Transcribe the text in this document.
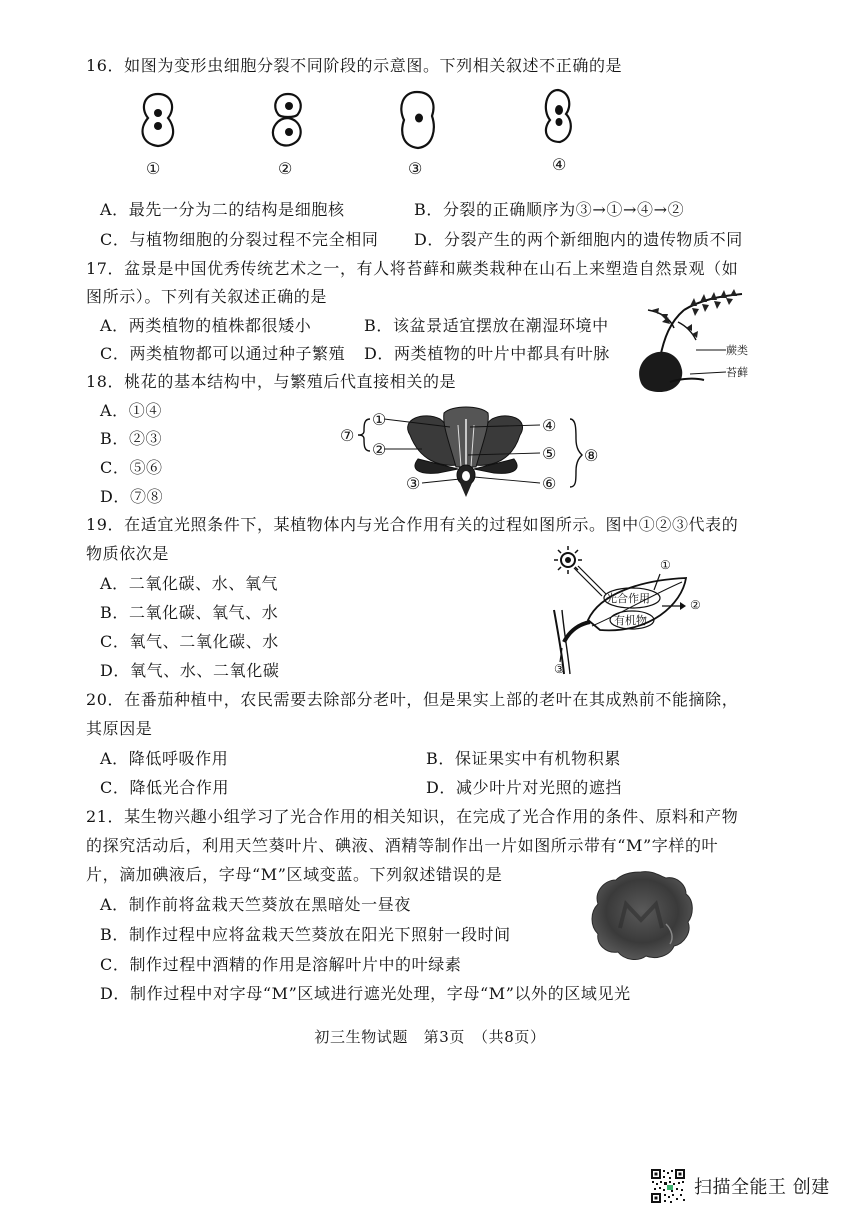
16．如图为变形虫细胞分裂不同阶段的示意图。下列相关叙述不正确的是
①	②	③	④
A．最先一分为二的结构是细胞核	B．分裂的正确顺序为③→①→④→②
C．与植物细胞的分裂过程不完全相同 D．分裂产生的两个新细胞内的遗传物质不同
17．盆景是中国优秀传统艺术之一，有人将苔藓和蕨类栽种在山石上来塑造自然景观（如
图所示）。下列有关叙述正确的是
A．两类植物的植株都很矮小	B．该盆景适宜摆放在潮湿环境中
C．两类植物都可以通过种子繁殖 D．两类植物的叶片中都具有叶脉	蕨类
苔藓
18．桃花的基本结构中，与繁殖后代直接相关的是
A．①④
B．②③
C．⑤⑥
D．⑦⑧
⑦
①
②
③
④
⑤
⑥
⑧
19．在适宜光照条件下，某植物体内与光合作用有关的过程如图所示。图中①②③代表的
物质依次是
A．二氧化碳、水、氧气
B．二氧化碳、氧气、水
C．氧气、二氧化碳、水
D．氧气、水、二氧化碳
光合作用
有机物
①
②
③
20．在番茄种植中，农民需要去除部分老叶，但是果实上部的老叶在其成熟前不能摘除，
其原因是
A．降低呼吸作用	B．保证果实中有机物积累
C．降低光合作用	D．减少叶片对光照的遮挡
21．某生物兴趣小组学习了光合作用的相关知识，在完成了光合作用的条件、原料和产物
的探究活动后，利用天竺葵叶片、碘液、酒精等制作出一片如图所示带有“M”字样的叶
片，滴加碘液后，字母“M”区域变蓝。下列叙述错误的是
A．制作前将盆栽天竺葵放在黑暗处一昼夜
B．制作过程中应将盆栽天竺葵放在阳光下照射一段时间
C．制作过程中酒精的作用是溶解叶片中的叶绿素
D．制作过程中对字母“M”区域进行遮光处理，字母“M”以外的区域见光
初三生物试题　第3页　（共8页）
扫描全能王 创建
